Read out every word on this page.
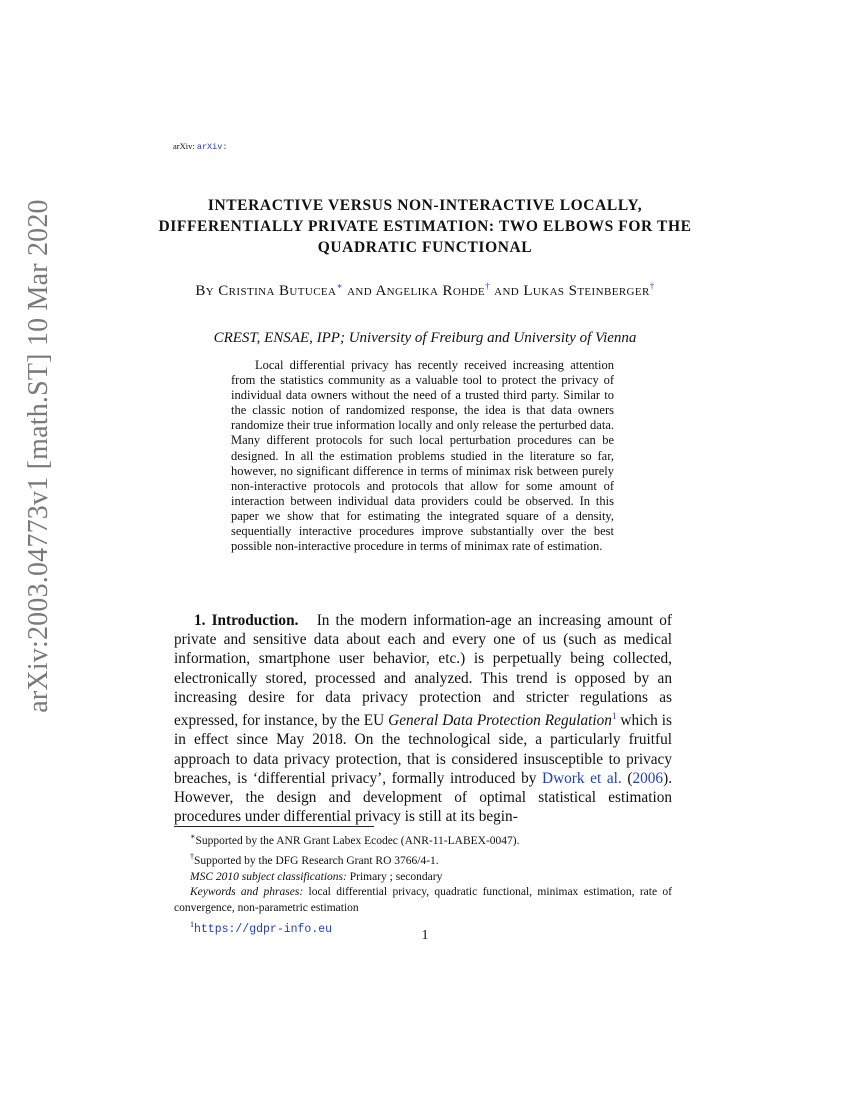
arXiv:2003.04773v1 [math.ST] 10 Mar 2020
arXiv: arXiv:
INTERACTIVE VERSUS NON-INTERACTIVE LOCALLY, DIFFERENTIALLY PRIVATE ESTIMATION: TWO ELBOWS FOR THE QUADRATIC FUNCTIONAL
By Cristina Butucea∗ and Angelika Rohde† and Lukas Steinberger†
CREST, ENSAE, IPP; University of Freiburg and University of Vienna
Local differential privacy has recently received increasing attention from the statistics community as a valuable tool to protect the privacy of individual data owners without the need of a trusted third party. Similar to the classic notion of randomized response, the idea is that data owners randomize their true information locally and only release the perturbed data. Many different protocols for such local perturbation procedures can be designed. In all the estimation problems studied in the literature so far, however, no significant difference in terms of minimax risk between purely non-interactive protocols and protocols that allow for some amount of interaction between individual data providers could be observed. In this paper we show that for estimating the integrated square of a density, sequentially interactive procedures improve substantially over the best possible non-interactive procedure in terms of minimax rate of estimation.
1. Introduction. In the modern information-age an increasing amount of private and sensitive data about each and every one of us (such as medical information, smartphone user behavior, etc.) is perpetually being collected, electronically stored, processed and analyzed. This trend is opposed by an increasing desire for data privacy protection and stricter regulations as expressed, for instance, by the EU General Data Protection Regulation$^1$ which is in effect since May 2018. On the technological side, a particularly fruitful approach to data privacy protection, that is considered insusceptible to privacy breaches, is ‘differential privacy’, formally introduced by Dwork et al. (2006). However, the design and development of optimal statistical estimation procedures under differential privacy is still at its begin-
∗Supported by the ANR Grant Labex Ecodec (ANR-11-LABEX-0047).
†Supported by the DFG Research Grant RO 3766/4-1.
MSC 2010 subject classifications: Primary ; secondary
Keywords and phrases: local differential privacy, quadratic functional, minimax estimation, rate of convergence, non-parametric estimation
$^1$https://gdpr-info.eu	1
